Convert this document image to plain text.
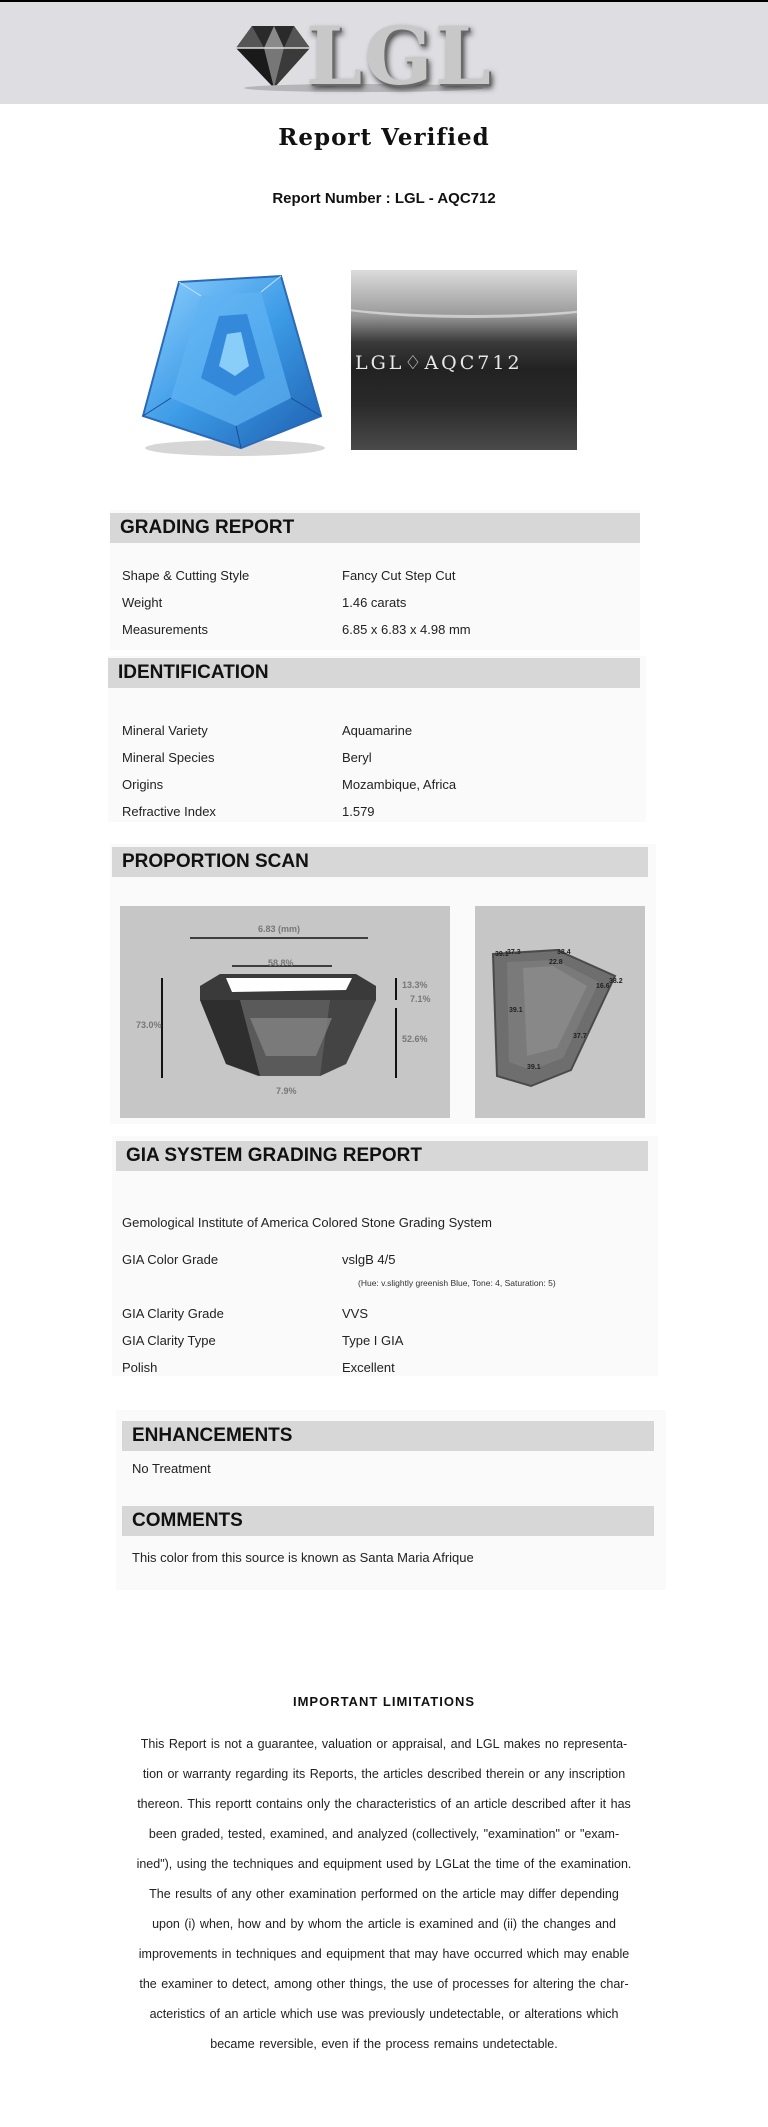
LGL
Report Verified
Report Number : LGL - AQC712
LGL♢AQC712
GRADING REPORT
Shape & Cutting Style	Fancy Cut Step Cut
Weight	1.46 carats
Measurements	6.85 x 6.83 x 4.98 mm
IDENTIFICATION
Mineral Variety	Aquamarine
Mineral Species	Beryl
Origins	Mozambique, Africa
Refractive Index	1.579
PROPORTION SCAN
6.83 (mm)
58.8%
73.0%
13.3%
7.1%
52.6%
7.9%
39.1
37.3	38.4
22.8
16.6
38.2
39.1
37.7
39.1
GIA SYSTEM GRADING REPORT
Gemological Institute of America Colored Stone Grading System
GIA Color Grade	vslgB 4/5
(Hue: v.slightly greenish Blue, Tone: 4, Saturation: 5)
GIA Clarity Grade	VVS
GIA Clarity Type	Type I GIA
Polish	Excellent
ENHANCEMENTS
No Treatment
COMMENTS
This color from this source is known as Santa Maria Afrique
IMPORTANT LIMITATIONS
This Report is not a guarantee, valuation or appraisal, and LGL makes no representa-
tion or warranty regarding its Reports, the articles described therein or any inscription
thereon. This reportt contains only the characteristics of an article described after it has
been graded, tested, examined, and analyzed (collectively, "examination" or "exam-
ined"), using the techniques and equipment used by LGLat the time of the examination.
The results of any other examination performed on the article may differ depending
upon (i) when, how and by whom the article is examined and (ii) the changes and
improvements in techniques and equipment that may have occurred which may enable
the examiner to detect, among other things, the use of processes for altering the char-
acteristics of an article which use was previously undetectable, or alterations which
became reversible, even if the process remains undetectable.
